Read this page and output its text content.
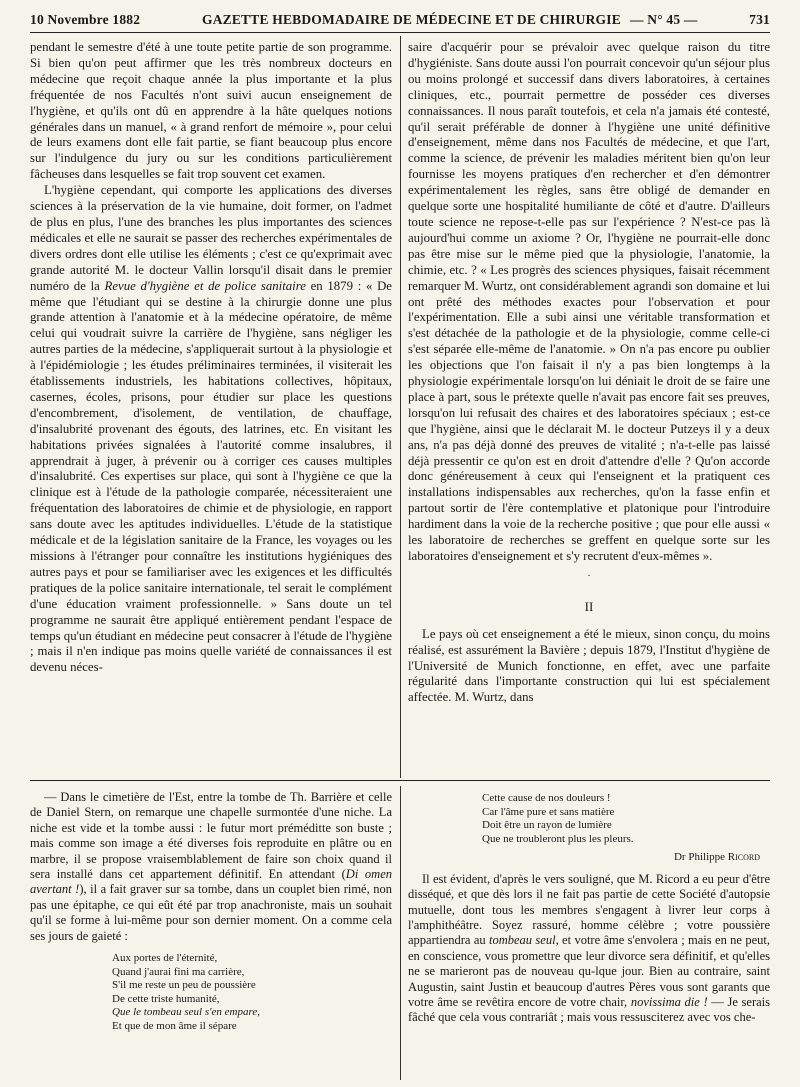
10 Novembre 1882	GAZETTE HEBDOMADAIRE DE MÉDECINE ET DE CHIRURGIE — N° 45 —	731

pendant le semestre d'été à une toute petite partie de son programme. Si bien qu'on peut affirmer que les très nombreux docteurs en médecine que reçoit chaque année la plus importante et la plus fréquentée de nos Facultés n'ont suivi aucun enseignement de l'hygiène, et qu'ils ont dû en apprendre à la hâte quelques notions générales dans un manuel, « à grand renfort de mémoire », pour celui de leurs examens dont elle fait partie, se fiant beaucoup plus encore sur l'indulgence du jury ou sur les conditions particulièrement fâcheuses dans lesquelles se fait trop souvent cet examen.

L'hygiène cependant, qui comporte les applications des diverses sciences à la préservation de la vie humaine, doit former, on l'admet de plus en plus, l'une des branches les plus importantes des sciences médicales et elle ne saurait se passer des recherches expérimentales de divers ordres dont elle utilise les éléments ; c'est ce qu'exprimait avec grande autorité M. le docteur Vallin lorsqu'il disait dans le premier numéro de la Revue d'hygiène et de police sanitaire en 1879 : « De même que l'étudiant qui se destine à la chirurgie donne une plus grande attention à l'anatomie et à la médecine opératoire, de même celui qui voudrait suivre la carrière de l'hygiène, sans négliger les autres parties de la médecine, s'appliquerait surtout à la physiologie et à l'épidémiologie ; les études préliminaires terminées, il visiterait les établissements industriels, les habitations collectives, hôpitaux, casernes, écoles, prisons, pour étudier sur place les questions d'encombrement, d'isolement, de ventilation, de chauffage, d'insalubrité provenant des égouts, des latrines, etc. En visitant les habitations privées signalées à l'autorité comme insalubres, il apprendrait à juger, à prévenir ou à corriger ces causes multiples d'insalubrité. Ces expertises sur place, qui sont à l'hygiène ce que la clinique est à l'étude de la pathologie comparée, nécessiteraient une fréquentation des laboratoires de chimie et de physiologie, en rapport sans doute avec les aptitudes individuelles. L'étude de la statistique médicale et de la législation sanitaire de la France, les voyages ou les missions à l'étranger pour connaître les institutions hygiéniques des autres pays et pour se familiariser avec les exigences et les difficultés pratiques de la police sanitaire internationale, tel serait le complément d'une éducation vraiment professionnelle. » Sans doute un tel programme ne saurait être appliqué entièrement pendant l'espace de temps qu'un étudiant en médecine peut consacrer à l'étude de l'hygiène ; mais il n'en indique pas moins quelle variété de connaissances il est devenu néces-

saire d'acquérir pour se prévaloir avec quelque raison du titre d'hygiéniste. Sans doute aussi l'on pourrait concevoir qu'un séjour plus ou moins prolongé et successif dans divers laboratoires, à certaines cliniques, etc., pourrait permettre de posséder ces diverses connaissances. Il nous paraît toutefois, et cela n'a jamais été contesté, qu'il serait préférable de donner à l'hygiène une unité définitive d'enseignement, même dans nos Facultés de médecine, et que l'art, comme la science, de prévenir les maladies méritent bien qu'on leur fournisse les moyens pratiques d'en rechercher et d'en démontrer expérimentalement les règles, sans être obligé de demander en quelque sorte une hospitalité humiliante de côté et d'autre. D'ailleurs toute science ne repose-t-elle pas sur l'expérience ? N'est-ce pas là aujourd'hui comme un axiome ? Or, l'hygiène ne pourrait-elle donc pas être mise sur le même pied que la physiologie, l'anatomie, la chimie, etc. ? « Les progrès des sciences physiques, faisait récemment remarquer M. Wurtz, ont considérablement agrandi son domaine et lui ont prêté des méthodes exactes pour l'observation et pour l'expérimentation. Elle a subi ainsi une véritable transformation et s'est détachée de la pathologie et de la physiologie, comme celle-ci s'est séparée elle-même de l'anatomie. » On n'a pas encore pu oublier les objections que l'on faisait il n'y a pas bien longtemps à la physiologie expérimentale lorsqu'on lui déniait le droit de se faire une place à part, sous le prétexte quelle n'avait pas encore fait ses preuves, lorsqu'on lui refusait des chaires et des laboratoires spéciaux ; est-ce que l'hygiène, ainsi que le déclarait M. le docteur Putzeys il y a deux ans, n'a pas déjà donné des preuves de vitalité ; n'a-t-elle pas laissé déjà pressentir ce qu'on est en droit d'attendre d'elle ? Qu'on accorde donc généreusement à ceux qui l'enseignent et la pratiquent ces installations indispensables aux recherches, qu'on la fasse enfin et partout sortir de l'ère contemplative et platonique pour l'introduire hardiment dans la voie de la recherche positive ; que pour elle aussi « les laboratoire de recherches se greffent en quelque sorte sur les laboratoires d'enseignement et s'y recrutent d'eux-mêmes ».

·
II

Le pays où cet enseignement a été le mieux, sinon conçu, du moins réalisé, est assurément la Bavière ; depuis 1879, l'Institut d'hygiène de l'Université de Munich fonctionne, en effet, avec une parfaite régularité dans l'importante construction qui lui est spécialement affectée. M. Wurtz, dans

— Dans le cimetière de l'Est, entre la tombe de Th. Barrière et celle de Daniel Stern, on remarque une chapelle surmontée d'une niche. La niche est vide et la tombe aussi : le futur mort préméditte son buste ; mais comme son image a été diverses fois reproduite en plâtre ou en marbre, il se propose vraisemblablement de faire son choix quand il sera installé dans cet appartement définitif. En attendant (Di omen avertant !), il a fait graver sur sa tombe, dans un couplet bien rimé, non pas une épitaphe, ce qui eût été par trop anachroniste, mais un souhait qu'il se forme à lui-même pour son dernier moment. On a comme cela ses jours de gaieté :

Aux portes de l'éternité,
Quand j'aurai fini ma carrière,
S'il me reste un peu de poussière
De cette triste humanité,
Que le tombeau seul s'en empare,
Et que de mon âme il sépare
Cette cause de nos douleurs !
Car l'âme pure et sans matière
Doit être un rayon de lumière
Que ne troubleront plus les pleurs.
Dr Philippe Ricord

Il est évident, d'après le vers souligné, que M. Ricord a eu peur d'être disséqué, et que dès lors il ne fait pas partie de cette Société d'autopsie mutuelle, dont tous les membres s'engagent à livrer leur corps à l'amphithéâtre. Soyez rassuré, homme célèbre ; votre poussière appartiendra au tombeau seul, et votre âme s'envolera ; mais en ne peut, en conscience, vous promettre que leur divorce sera définitif, et qu'elles ne se marieront pas de nouveau qu-lque jour. Bien au contraire, saint Augustin, saint Justin et beaucoup d'autres Pères vous sont garants que votre âme se revêtira encore de votre chair, novissima die ! — Je serais fâché que cela vous contrariât ; mais vous ressusciterez avec vos che-
